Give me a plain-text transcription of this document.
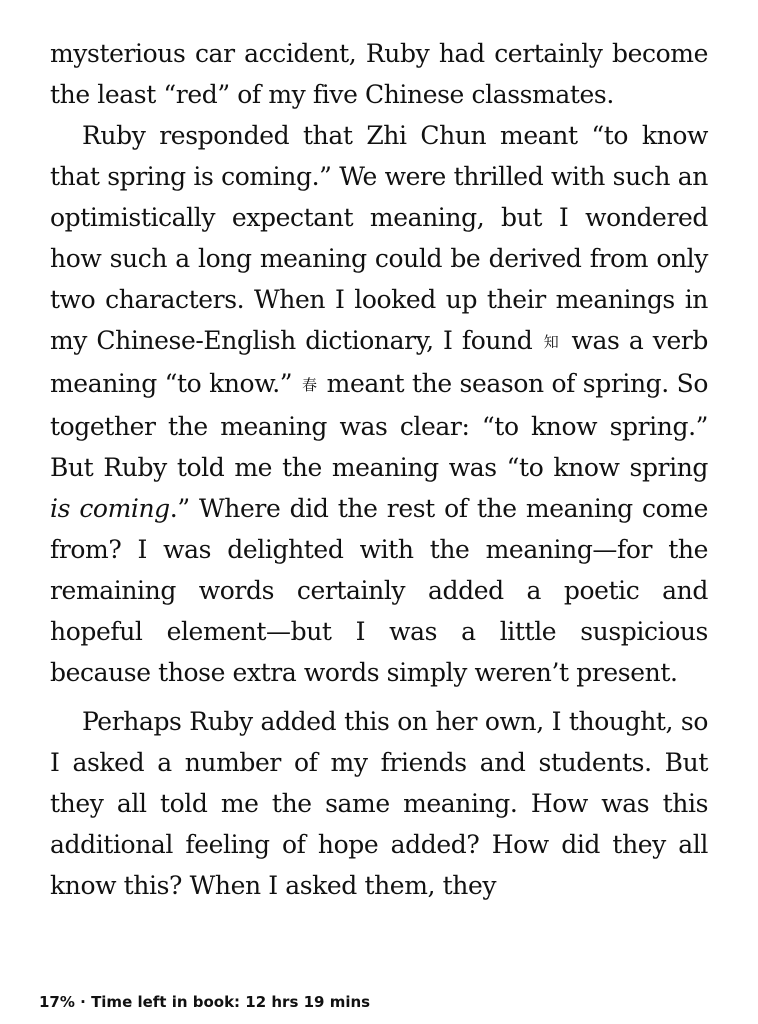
mysterious car accident, Ruby had certainly become the least “red” of my five Chinese classmates.

Ruby responded that Zhi Chun meant “to know that spring is coming.” We were thrilled with such an optimistically expectant meaning, but I wondered how such a long meaning could be derived from only two characters. When I looked up their meanings in my Chinese-English dictionary, I found 知 was a verb meaning “to know.” 春 meant the season of spring. So together the meaning was clear: “to know spring.” But Ruby told me the meaning was “to know spring is coming.” Where did the rest of the meaning come from? I was delighted with the meaning—for the remaining words certainly added a poetic and hopeful element—but I was a little suspicious because those extra words simply weren’t present.

Perhaps Ruby added this on her own, I thought, so I asked a number of my friends and students. But they all told me the same meaning. How was this additional feeling of hope added? How did they all know this? When I asked them, they

17% · Time left in book: 12 hrs 19 mins
